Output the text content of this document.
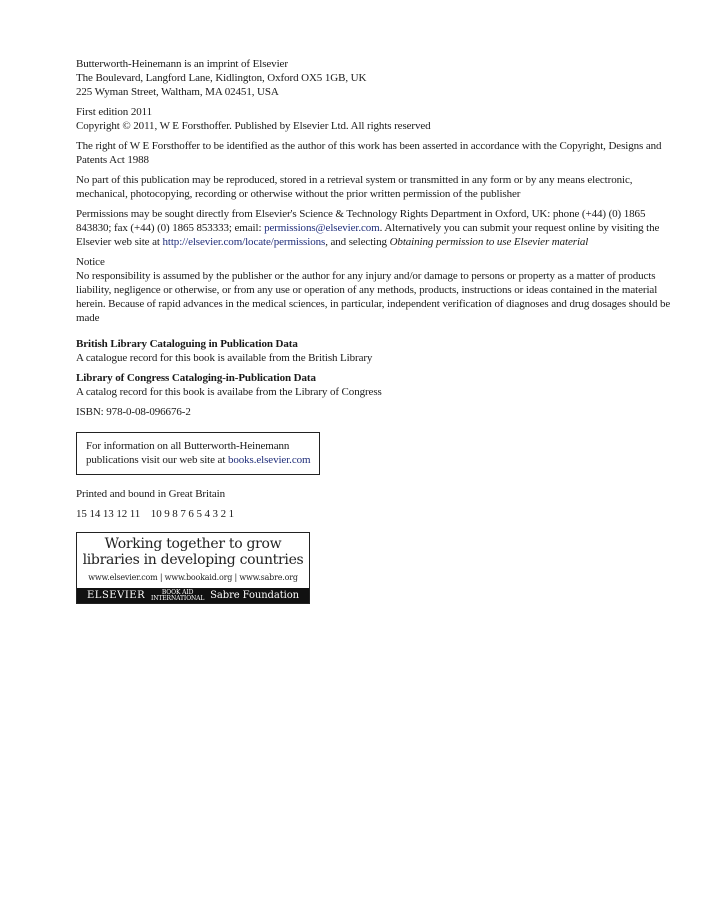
Butterworth-Heinemann is an imprint of Elsevier

The Boulevard, Langford Lane, Kidlington, Oxford OX5 1GB, UK

225 Wyman Street, Waltham, MA 02451, USA

First edition 2011

Copyright © 2011, W E Forsthoffer. Published by Elsevier Ltd. All rights reserved

The right of W E Forsthoffer to be identified as the author of this work has been asserted in accordance with the Copyright, Designs and Patents Act 1988

No part of this publication may be reproduced, stored in a retrieval system or transmitted in any form or by any means electronic, mechanical, photocopying, recording or otherwise without the prior written permission of the publisher

Permissions may be sought directly from Elsevier's Science & Technology Rights Department in Oxford, UK: phone (+44) (0) 1865 843830; fax (+44) (0) 1865 853333; email: permissions@elsevier.com. Alternatively you can submit your request online by visiting the Elsevier web site at http://elsevier.com/locate/permissions, and selecting Obtaining permission to use Elsevier material

Notice

No responsibility is assumed by the publisher or the author for any injury and/or damage to persons or property as a matter of products liability, negligence or otherwise, or from any use or operation of any methods, products, instructions or ideas contained in the material herein. Because of rapid advances in the medical sciences, in particular, independent verification of diagnoses and drug dosages should be made

British Library Cataloguing in Publication Data

A catalogue record for this book is available from the British Library

Library of Congress Cataloging-in-Publication Data

A catalog record for this book is availabe from the Library of Congress

ISBN: 978-0-08-096676-2

For information on all Butterworth-Heinemann

publications visit our web site at books.elsevier.com

Printed and bound in Great Britain

15 14 13 12 11    10 9 8 7 6 5 4 3 2 1

Working together to grow
libraries in developing countries
www.elsevier.com | www.bookaid.org | www.sabre.org
ELSEVIER	BOOK AID
INTERNATIONAL Sabre Foundation
